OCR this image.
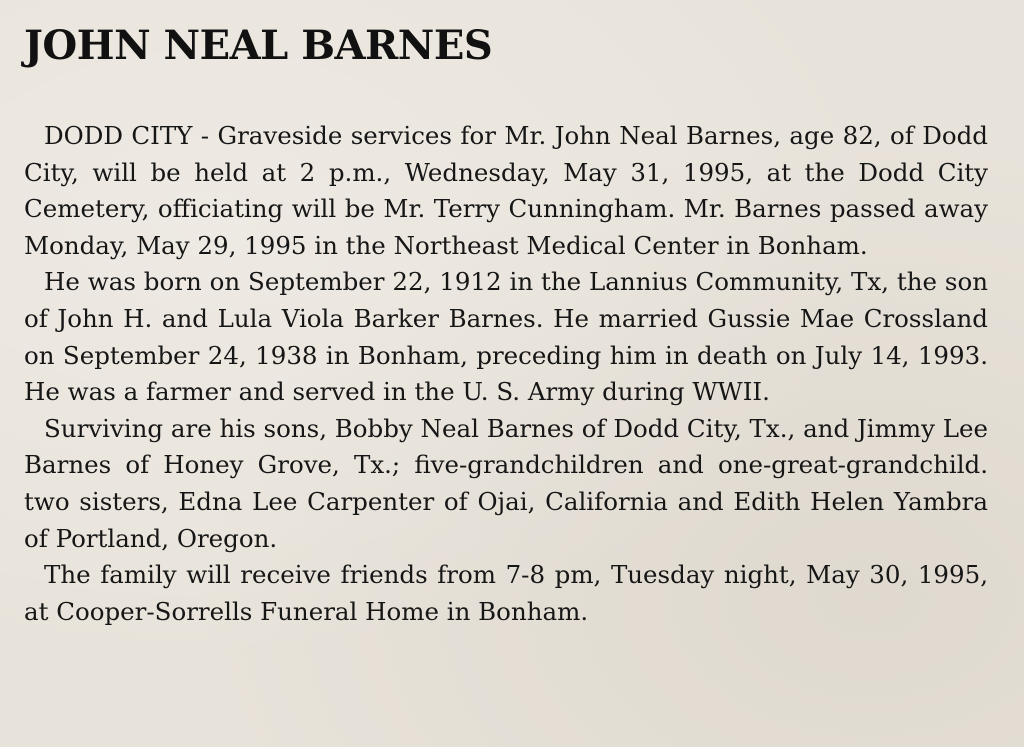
JOHN NEAL BARNES

DODD CITY - Graveside services for Mr. John Neal Barnes, age 82, of Dodd City, will be held at 2 p.m., Wednesday, May 31, 1995, at the Dodd City Cemetery, officiating will be Mr. Terry Cunningham. Mr. Barnes passed away Monday, May 29, 1995 in the Northeast Medical Center in Bonham.

He was born on September 22, 1912 in the Lannius Community, Tx, the son of John H. and Lula Viola Barker Barnes. He married Gussie Mae Crossland on September 24, 1938 in Bonham, preceding him in death on July 14, 1993. He was a farmer and served in the U. S. Army during WWII.

Surviving are his sons, Bobby Neal Barnes of Dodd City, Tx., and Jimmy Lee Barnes of Honey Grove, Tx.; five-grandchildren and one-great-grandchild. two sisters, Edna Lee Carpenter of Ojai, California and Edith Helen Yambra of Portland, Oregon.

The family will receive friends from 7-8 pm, Tuesday night, May 30, 1995, at Cooper-Sorrells Funeral Home in Bonham.
